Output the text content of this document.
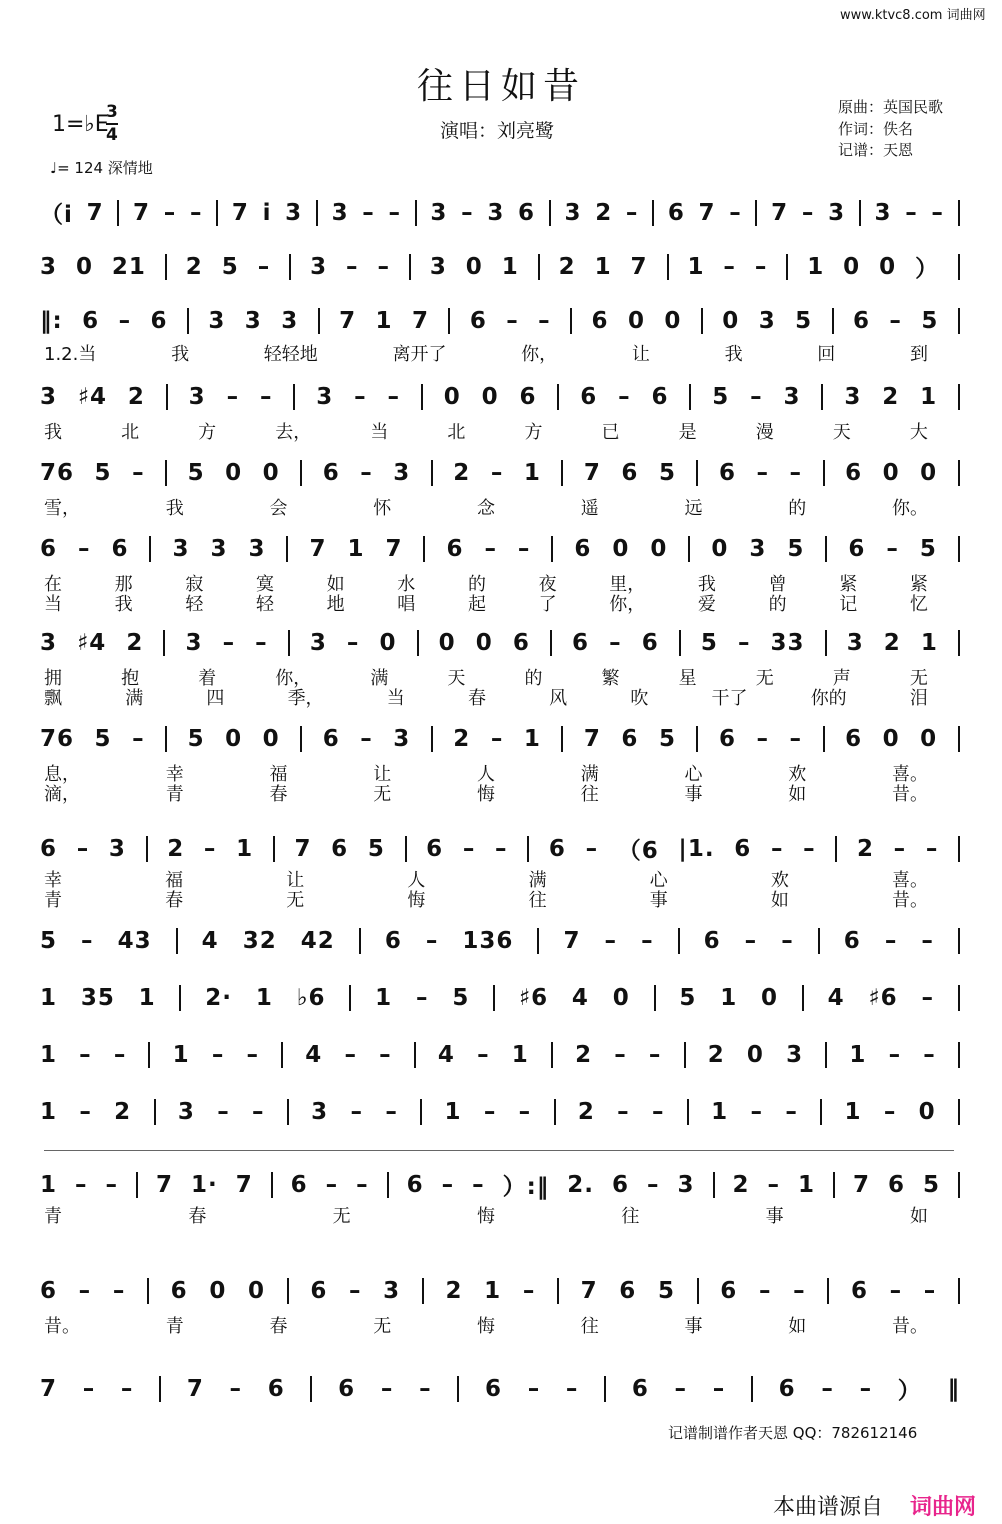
www.ktvc8.com 词曲网
往日如昔
演唱：刘亮鹭
原曲：英国民歌
作词：佚名
记谱：天恩
1=♭E
$\frac{3}{4}$
♩= 124 深情地
（i 7 7 – – 7 i 3 3 – – 3 – 3 6 3 2 – 6 7 – 7 – 3 3 – –
3 0 21 2 5 – 3 – – 3 0 1 2 1 7 1 – – 1 0 0 ）
‖: 6 – 6 3 3 3 7 1 7 6 – – 6 0 0 0 3 5 6 – 5
1.2.当	我	轻轻地	离开了	你，	让	我	回	到
3 ♯4 2 3 – – 3 – – 0 0 6 6 – 6 5 – 3 3 2 1
我	北	方	去，	当	北	方	已	是	漫	天	大
76 5 – 5 0 0 6 – 3 2 – 1 7 6 5 6 – – 6 0 0
雪，	我	会	怀	念	遥	远	的	你。
6 – 6 3 3 3 7 1 7 6 – – 6 0 0 0 3 5 6 – 5
在	那	寂	寞	如	水	的	夜	里，	我	曾	紧	紧
当	我	轻	轻	地	唱	起	了	你，	爱	的	记	忆
3 ♯4 2 3 – – 3 – 0 0 0 6 6 – 6 5 – 33 3 2 1
拥	抱	着	你，	满	天	的	繁	星	无	声	无
飘	满	四	季，	当	春	风	吹	干了	你的	泪
76 5 – 5 0 0 6 – 3 2 – 1 7 6 5 6 – – 6 0 0
息，	幸	福	让	人	满	心	欢	喜。
滴，	青	春	无	悔	往	事	如	昔。
6 – 3 2 – 1 7 6 5 6 – – 6 – （6 |1. 6 – – 2 – –
幸	福	让	人	满	心	欢	喜。
青	春	无	悔	往	事	如	昔。
5 – 43 4 32 42 6 – 136 7 – – 6 – – 6 – –
1 35 1 2· 1 ♭6 1 – 5 ♯6 4 0 5 1 0 4 ♯6 –
1 – – 1 – – 4 – – 4 – 1 2 – – 2 0 3 1 – –
1 – 2 3 – – 3 – – 1 – – 2 – – 1 – – 1 – 0
1 – – 7 1· 7 6 – – 6 – – ）:‖ 2. 6 – 3 2 – 1 7 6 5
青	春	无	悔	往	事	如
6 – – 6 0 0 6 – 3 2 1 – 7 6 5 6 – – 6 – –
昔。	青	春	无	悔	往	事	如	昔。
7 – – 7 – 6 6 – – 6 – – 6 – – 6 – – ） ‖
记谱制谱作者天恩 QQ：782612146
本曲谱源自 词曲网
